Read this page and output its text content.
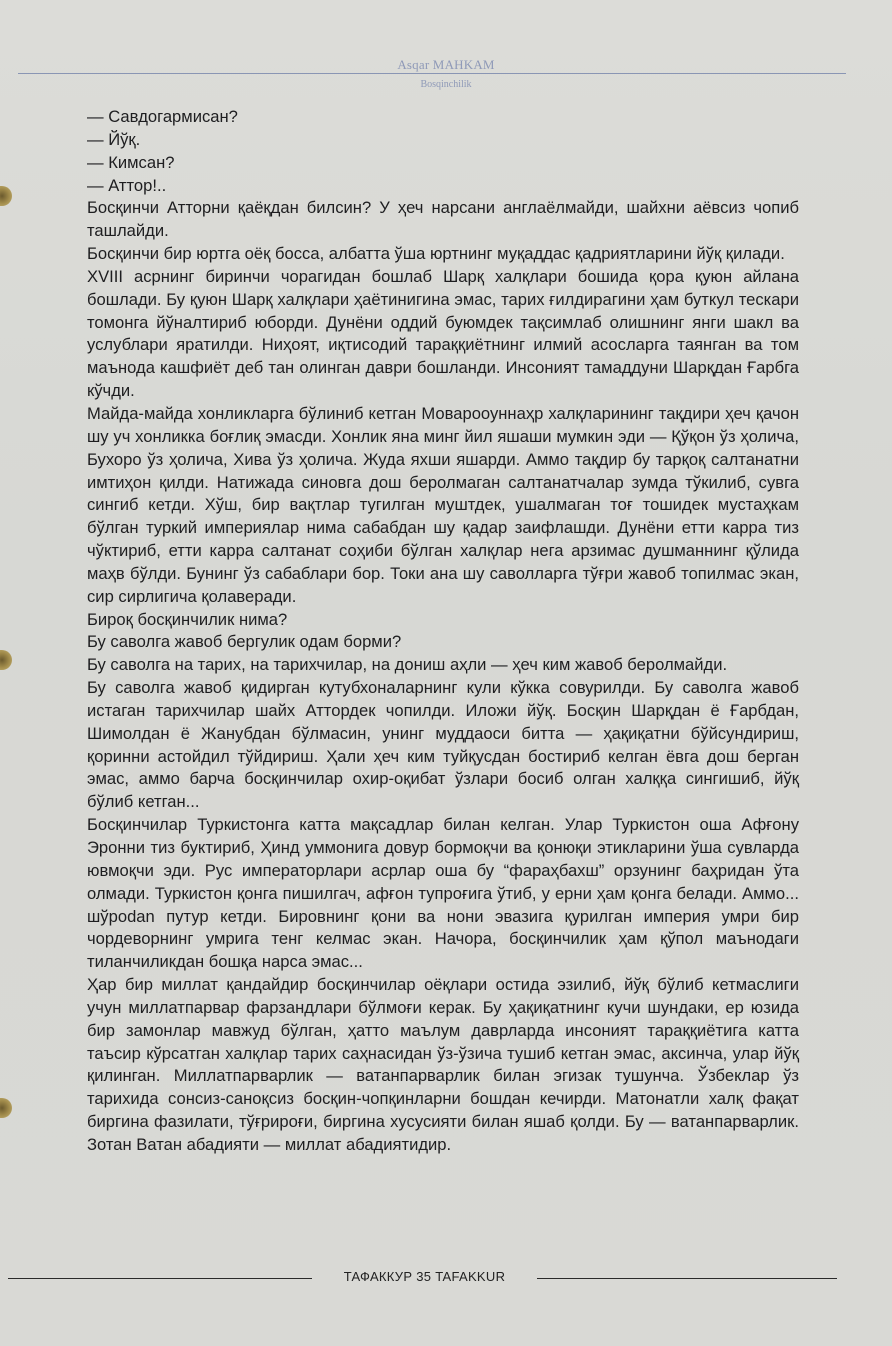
Asqar MAHKAM
Bosqinchilik

— Савдогармисан?

— Йўқ.

— Кимсан?

— Аттор!..

Босқинчи Атторни қаёқдан билсин? У ҳеч нарсани англаёлмайди, шайхни аёвсиз чопиб ташлайди.

Босқинчи бир юртга оёқ босса, албатта ўша юртнинг муқаддас қадриятларини йўқ қилади.

XVIII асрнинг биринчи чорагидан бошлаб Шарқ халқлари бошида қора қуюн айлана бошлади. Бу қуюн Шарқ халқлари ҳаётинигина эмас, тарих ғилдирагини ҳам буткул тескари томонга йўналтириб юборди. Дунёни оддий буюмдек тақсимлаб олишнинг янги шакл ва услублари яратилди. Ниҳоят, иқтисодий тараққиётнинг илмий асосларга таянган ва том маънода кашфиёт деб тан олинган даври бошланди. Инсоният тамаддуни Шарқдан Ғарбга кўчди.

Майда-майда хонликларга бўлиниб кетган Моварооуннаҳр халқларининг тақдири ҳеч қачон шу уч хонликка боғлиқ эмасди. Хонлик яна минг йил яшаши мумкин эди — Қўқон ўз ҳолича, Бухоро ўз ҳолича, Хива ўз ҳолича. Жуда яхши яшарди. Аммо тақдир бу тарқоқ салтанатни имтиҳон қилди. Натижада синовга дош беролмаган салтанатчалар зумда тўкилиб, сувга сингиб кетди. Хўш, бир вақтлар тугилган муштдек, ушалмаган тоғ тошидек мустаҳкам бўлган туркий империялар нима сабабдан шу қадар заифлашди. Дунёни етти карра тиз чўктириб, етти карра салтанат соҳиби бўлган халқлар нега арзимас душманнинг қўлида маҳв бўлди. Бунинг ўз сабаблари бор. Токи ана шу саволларга тўғри жавоб топилмас экан, сир сирлигича қолаверади.

Бироқ босқинчилик нима?

Бу саволга жавоб бергулик одам борми?

Бу саволга на тарих, на тарихчилар, на дониш аҳли — ҳеч ким жавоб беролмайди.

Бу саволга жавоб қидирган кутубхоналарнинг кули кўкка совурилди. Бу саволга жавоб истаган тарихчилар шайх Аттордек чопилди. Иложи йўқ. Босқин Шарқдан ё Ғарбдан, Шимолдан ё Жанубдан бўлмасин, унинг муддаоси битта — ҳақиқатни бўйсундириш, қоринни астойдил тўйдириш. Ҳали ҳеч ким туйқусдан бостириб келган ёвга дош берган эмас, аммо барча босқинчилар охир-оқибат ўзлари босиб олган халққа сингишиб, йўқ бўлиб кетган...

Босқинчилар Туркистонга катта мақсадлар билан келган. Улар Туркистон оша Афғону Эронни тиз буктириб, Ҳинд уммонига довур бормоқчи ва қонюқи этикларини ўша сувларда ювмоқчи эди. Рус императорлари асрлар оша бу “фараҳбахш” орзунинг баҳридан ўта олмади. Туркистон қонга пишилгач, афғон тупроғига ўтиб, у ерни ҳам қонга белади. Аммо... шўрodan путур кетди. Бировнинг қони ва нони эвазига қурилган империя умри бир чордеворнинг умрига тенг келмас экан. Начора, босқинчилик ҳам қўпол маънодаги тиланчиликдан бошқа нарса эмас...

Ҳар бир миллат қандайдир босқинчилар оёқлари остида эзилиб, йўқ бўлиб кетмаслиги учун миллатпарвар фарзандлари бўлмоғи керак. Бу ҳақиқатнинг кучи шундаки, ер юзида бир замонлар мавжуд бўлган, ҳатто маълум даврларда инсоният тараққиётига катта таъсир кўрсатган халқлар тарих саҳнасидан ўз-ўзича тушиб кетган эмас, аксинча, улар йўқ қилинган. Миллатпарварлик — ватанпарварлик билан эгизак тушунча. Ўзбеклар ўз тарихида сонсиз-саноқсиз босқин-чопқинларни бошдан кечирди. Матонатли халқ фақат биргина фазилати, тўғрироғи, биргина хусусияти билан яшаб қолди. Бу — ватанпарварлик. Зотан Ватан абадияти — миллат абадиятидир.

ТАФАККУР 35 TAFAKKUR
